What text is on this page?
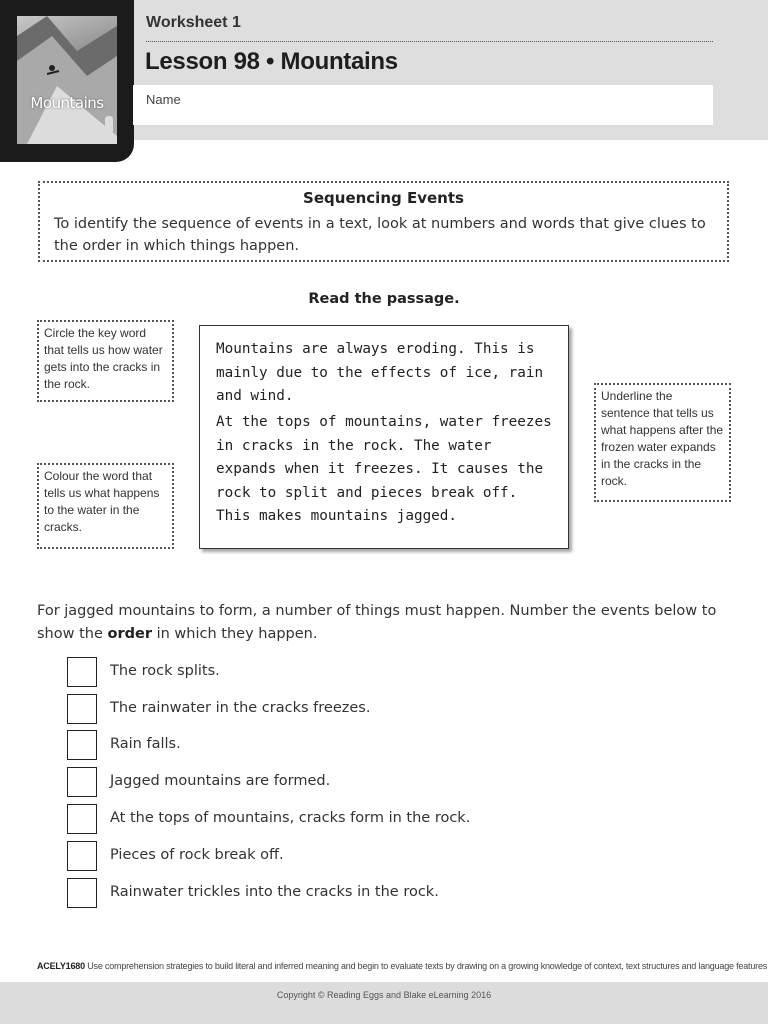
Mountains
Worksheet 1
Lesson 98 • Mountains
Name
Sequencing Events
To identify the sequence of events in a text, look at numbers and words that give clues to the order in which things happen.
Read the passage.
Circle the key word that tells us how water gets into the cracks in the rock.
Colour the word that tells us what happens to the water in the cracks.
Underline the sentence that tells us what happens after the frozen water expands in the cracks in the rock.
Mountains are always eroding. This is mainly due to the effects of ice, rain and wind.
At the tops of mountains, water freezes in cracks in the rock. The water expands when it freezes. It causes the rock to split and pieces break off. This makes mountains jagged.
For jagged mountains to form, a number of things must happen. Number the events below to show the order in which they happen.
The rock splits.
The rainwater in the cracks freezes.
Rain falls.
Jagged mountains are formed.
At the tops of mountains, cracks form in the rock.
Pieces of rock break off.
Rainwater trickles into the cracks in the rock.
ACELY1680 Use comprehension strategies to build literal and inferred meaning and begin to evaluate texts by drawing on a growing knowledge of context, text structures and language features
Copyright © Reading Eggs and Blake eLearning 2016
